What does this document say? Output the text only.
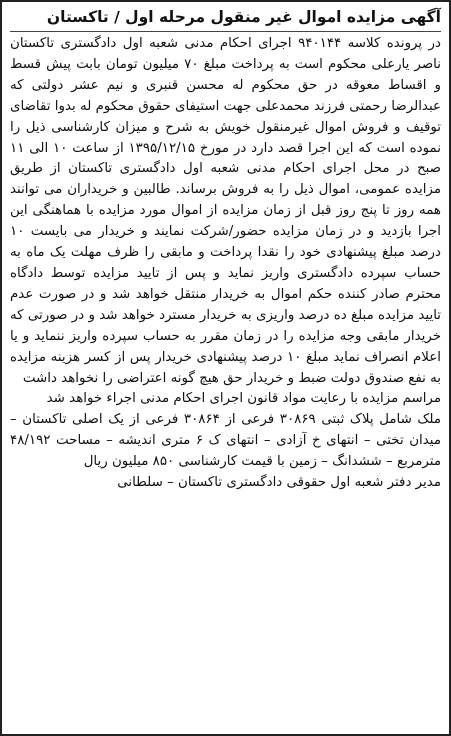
آگهی مزایده اموال غیر منقول مرحله اول / تاکستان

در پرونده کلاسه ۹۴۰۱۴۴ اجرای احکام مدنی شعبه اول دادگستری تاکستان ناصر یارعلی محکوم است به پرداخت مبلغ ۷۰ میلیون تومان بابت پیش قسط و اقساط معوقه در حق محکوم له محسن قنبری و نیم عشر دولتی که عبدالرضا رحمتی فرزند محمدعلی جهت استیفای حقوق محکوم له بدوا تقاضای توقیف و فروش اموال غیرمنقول خویش به شرح و میزان کارشناسی ذیل را نموده است که این اجرا قصد دارد در مورخ ۱۳۹۵/۱۲/۱۵ از ساعت ۱۰ الی ۱۱ صبح در محل اجرای احکام مدنی شعبه اول دادگستری تاکستان از طریق مزایده عمومی، اموال ذیل را به فروش برساند. طالبین و خریداران می توانند همه روز تا پنج روز قبل از زمان مزایده از اموال مورد مزایده با هماهنگی این اجرا بازدید و در زمان مزایده حضور/شرکت نمایند و خریدار می بایست ۱۰ درصد مبلغ پیشنهادی خود را نقدا پرداخت و مابقی را ظرف مهلت یک ماه به حساب سپرده دادگستری واریز نماید و پس از تایید مزایده توسط دادگاه محترم صادر کننده حکم اموال به خریدار منتقل خواهد شد و در صورت عدم تایید مزایده مبلغ ده درصد واریزی به خریدار مسترد خواهد شد و در صورتی که خریدار مابقی وجه مزایده را در زمان مقرر به حساب سپرده واریز ننماید و یا اعلام انصراف نماید مبلغ ۱۰ درصد پیشنهادی خریدار پس از کسر هزینه مزایده به نفع صندوق دولت ضبط و خریدار حق هیچ گونه اعتراضی را نخواهد داشت

مراسم مزایده با رعایت مواد قانون اجرای احکام مدنی اجراء خواهد شد

ملک شامل پلاک ثبتی ۳۰۸۶۹ فرعی از ۳۰۸۶۴ فرعی از یک اصلی تاکستان – میدان تختی – انتهای خ آزادی – انتهای ک ۶ متری اندیشه – مساحت ۴۸/۱۹۲ مترمربع – ششدانگ – زمین با قیمت کارشناسی ۸۵۰ میلیون ریال

مدیر دفتر شعبه اول حقوقی دادگستری تاکستان – سلطانی
